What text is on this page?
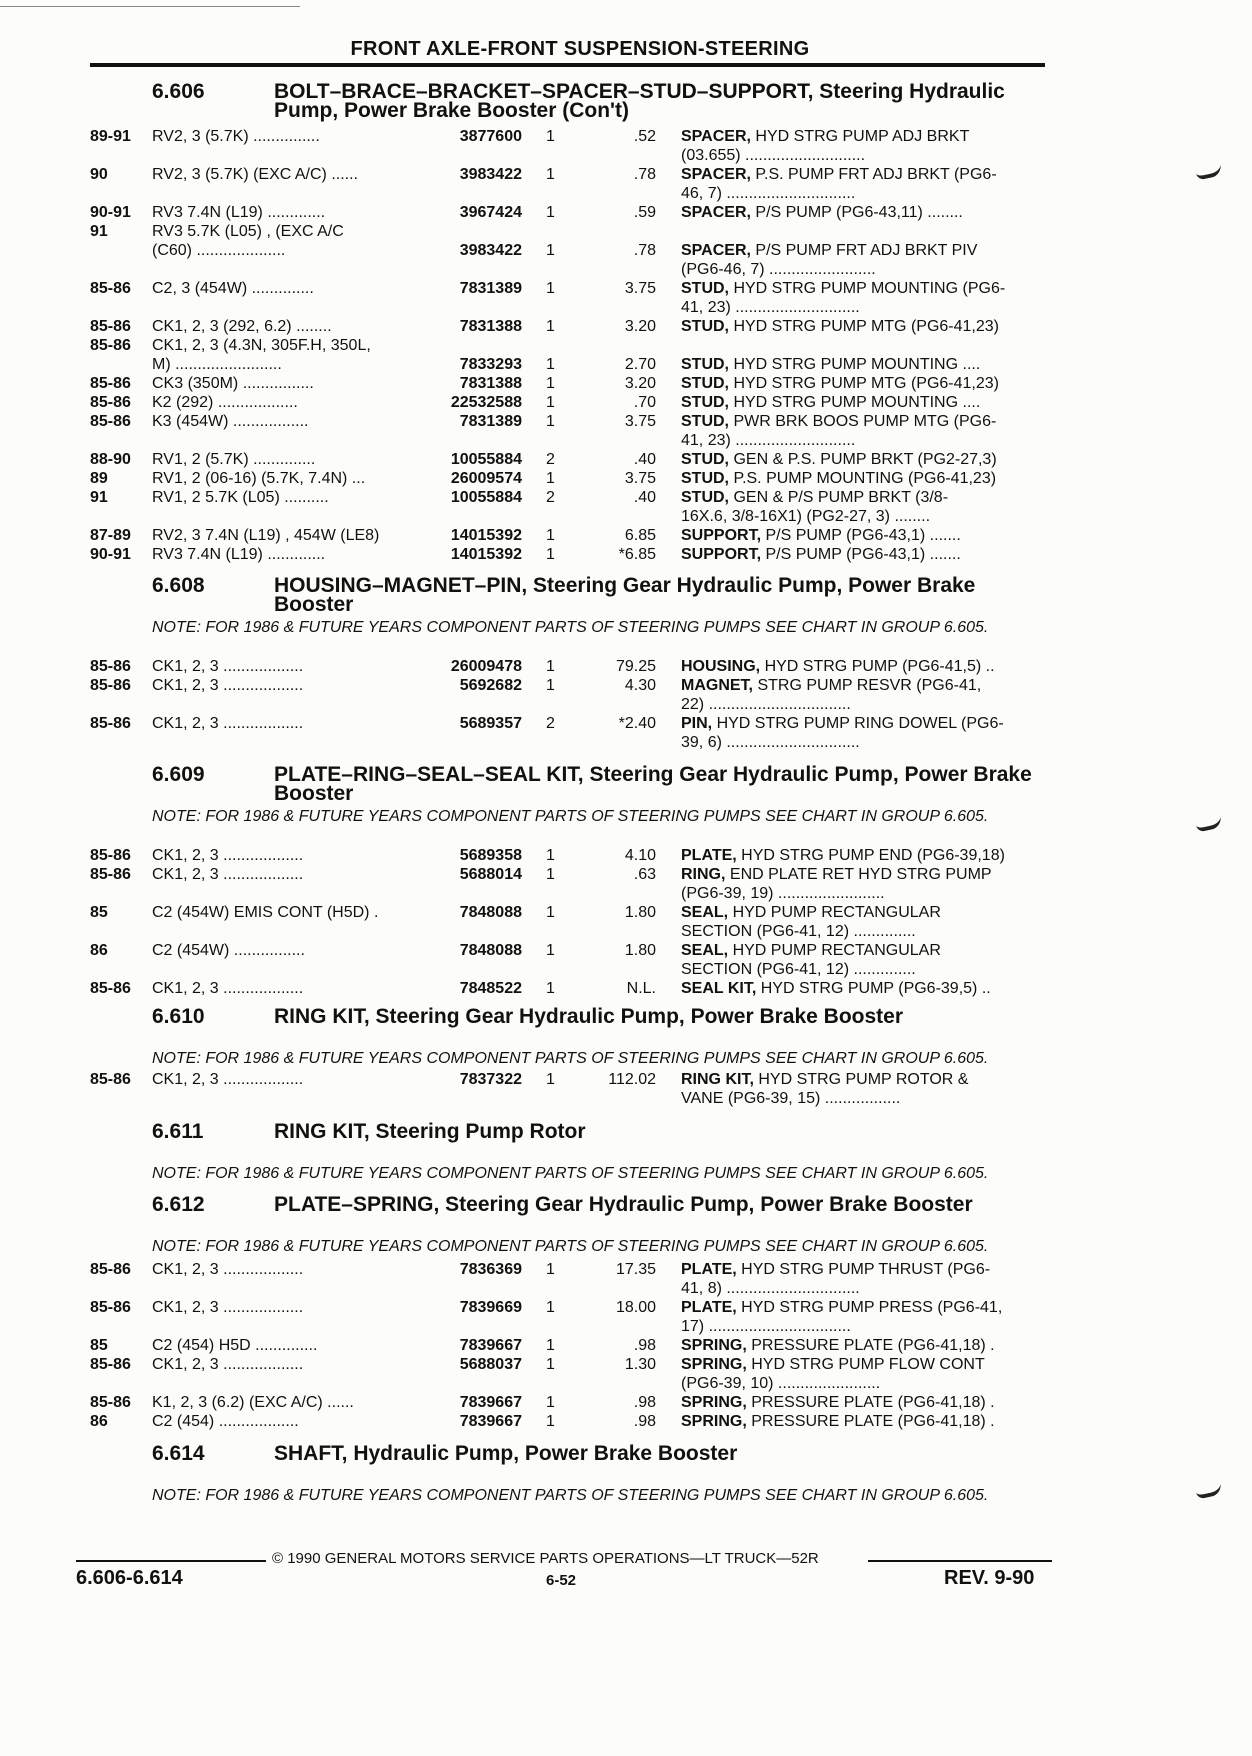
FRONT AXLE-FRONT SUSPENSION-STEERING
6.606	BOLT–BRACE–BRACKET–SPACER–STUD–SUPPORT, Steering Hydraulic Pump, Power Brake Booster (Con't)
89-91 RV2, 3 (5.7K) ...............	3877600 1	.52 SPACER, HYD STRG PUMP ADJ BRKT
(03.655) ...........................
90	RV2, 3 (5.7K) (EXC A/C) ......	3983422 1	.78 SPACER, P.S. PUMP FRT ADJ BRKT (PG6-
46, 7) .............................
90-91 RV3 7.4N (L19) .............	3967424 1	.59 SPACER, P/S PUMP (PG6-43,11) ........
91	RV3 5.7K (L05) , (EXC A/C
(C60) ....................	3983422 1	.78 SPACER, P/S PUMP FRT ADJ BRKT PIV
(PG6-46, 7) ........................
85-86 C2, 3 (454W) ..............	7831389 1	3.75 STUD, HYD STRG PUMP MOUNTING (PG6-
41, 23) ............................
85-86 CK1, 2, 3 (292, 6.2) ........	7831388 1	3.20 STUD, HYD STRG PUMP MTG (PG6-41,23)
85-86 CK1, 2, 3 (4.3N, 305F.H, 350L,
M) ........................	7833293 1	2.70 STUD, HYD STRG PUMP MOUNTING ....
85-86 CK3 (350M) ................	7831388 1	3.20 STUD, HYD STRG PUMP MTG (PG6-41,23)
85-86 K2 (292) ..................	22532588 1	.70 STUD, HYD STRG PUMP MOUNTING ....
85-86 K3 (454W) .................	7831389 1	3.75 STUD, PWR BRK BOOS PUMP MTG (PG6-
41, 23) ...........................
88-90 RV1, 2 (5.7K) ..............	10055884 2	.40 STUD, GEN & P.S. PUMP BRKT (PG2-27,3)
89	RV1, 2 (06-16) (5.7K, 7.4N) ...	26009574 1	3.75 STUD, P.S. PUMP MOUNTING (PG6-41,23)
91	RV1, 2 5.7K (L05) ..........	10055884 2	.40 STUD, GEN & P/S PUMP BRKT (3/8-
16X.6, 3/8-16X1) (PG2-27, 3) ........
87-89 RV2, 3 7.4N (L19) , 454W (LE8)	14015392 1	6.85 SUPPORT, P/S PUMP (PG6-43,1) .......
90-91 RV3 7.4N (L19) .............	14015392 1	*6.85 SUPPORT, P/S PUMP (PG6-43,1) .......
6.608	HOUSING–MAGNET–PIN, Steering Gear Hydraulic Pump, Power Brake Booster
NOTE: FOR 1986 & FUTURE YEARS COMPONENT PARTS OF STEERING PUMPS SEE CHART IN GROUP 6.605.
85-86 CK1, 2, 3 ..................	26009478 1	79.25 HOUSING, HYD STRG PUMP (PG6-41,5) ..
85-86 CK1, 2, 3 ..................	5692682 1	4.30 MAGNET, STRG PUMP RESVR (PG6-41,
22) ................................
85-86 CK1, 2, 3 ..................	5689357 2	*2.40 PIN, HYD STRG PUMP RING DOWEL (PG6-
39, 6) ..............................
6.609	PLATE–RING–SEAL–SEAL KIT, Steering Gear Hydraulic Pump, Power Brake Booster
NOTE: FOR 1986 & FUTURE YEARS COMPONENT PARTS OF STEERING PUMPS SEE CHART IN GROUP 6.605.
85-86 CK1, 2, 3 ..................	5689358 1	4.10 PLATE, HYD STRG PUMP END (PG6-39,18)
85-86 CK1, 2, 3 ..................	5688014 1	.63 RING, END PLATE RET HYD STRG PUMP
(PG6-39, 19) ........................
85	C2 (454W) EMIS CONT (H5D) .	7848088 1	1.80 SEAL, HYD PUMP RECTANGULAR
SECTION (PG6-41, 12) ..............
86	C2 (454W) ................	7848088 1	1.80 SEAL, HYD PUMP RECTANGULAR
SECTION (PG6-41, 12) ..............
85-86 CK1, 2, 3 ..................	7848522 1	N.L. SEAL KIT, HYD STRG PUMP (PG6-39,5) ..
6.610	RING KIT, Steering Gear Hydraulic Pump, Power Brake Booster
NOTE: FOR 1986 & FUTURE YEARS COMPONENT PARTS OF STEERING PUMPS SEE CHART IN GROUP 6.605.
85-86 CK1, 2, 3 ..................	7837322 1	112.02 RING KIT, HYD STRG PUMP ROTOR &
VANE (PG6-39, 15) .................
6.611	RING KIT, Steering Pump Rotor
NOTE: FOR 1986 & FUTURE YEARS COMPONENT PARTS OF STEERING PUMPS SEE CHART IN GROUP 6.605.
6.612	PLATE–SPRING, Steering Gear Hydraulic Pump, Power Brake Booster
NOTE: FOR 1986 & FUTURE YEARS COMPONENT PARTS OF STEERING PUMPS SEE CHART IN GROUP 6.605.
85-86 CK1, 2, 3 ..................	7836369 1	17.35 PLATE, HYD STRG PUMP THRUST (PG6-
41, 8) ..............................
85-86 CK1, 2, 3 ..................	7839669 1	18.00 PLATE, HYD STRG PUMP PRESS (PG6-41,
17) ................................
85	C2 (454) H5D ..............	7839667 1	.98 SPRING, PRESSURE PLATE (PG6-41,18) .
85-86 CK1, 2, 3 ..................	5688037 1	1.30 SPRING, HYD STRG PUMP FLOW CONT
(PG6-39, 10) .......................
85-86 K1, 2, 3 (6.2) (EXC A/C) ......	7839667 1	.98 SPRING, PRESSURE PLATE (PG6-41,18) .
86	C2 (454) ..................	7839667 1	.98 SPRING, PRESSURE PLATE (PG6-41,18) .
6.614	SHAFT, Hydraulic Pump, Power Brake Booster
NOTE: FOR 1986 & FUTURE YEARS COMPONENT PARTS OF STEERING PUMPS SEE CHART IN GROUP 6.605.
© 1990 GENERAL MOTORS SERVICE PARTS OPERATIONS—LT TRUCK—52R
6.606-6.614	6-52	REV. 9-90
